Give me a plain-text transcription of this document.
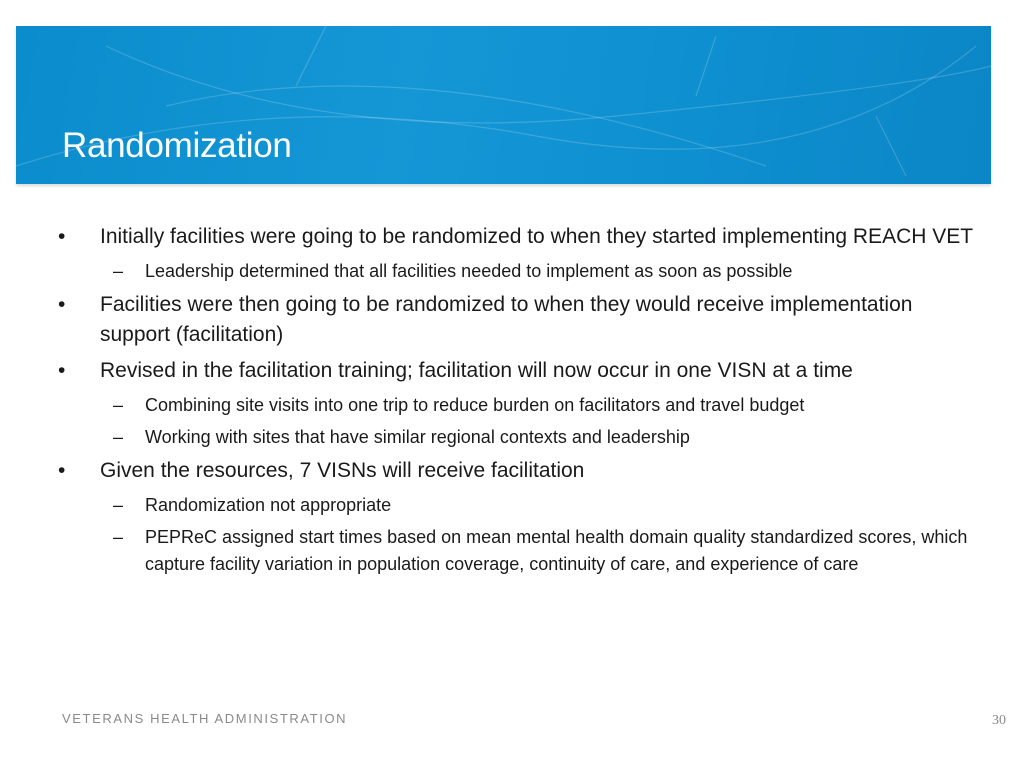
Randomization
• Initially facilities were going to be randomized to when they started implementing REACH VET
– Leadership determined that all facilities needed to implement as soon as possible
• Facilities were then going to be randomized to when they would receive implementation support (facilitation)
• Revised in the facilitation training; facilitation will now occur in one VISN at a time
– Combining site visits into one trip to reduce burden on facilitators and travel budget
– Working with sites that have similar regional contexts and leadership
• Given the resources, 7 VISNs will receive facilitation
– Randomization not appropriate
– PEPReC assigned start times based on mean mental health domain quality standardized scores, which capture facility variation in population coverage, continuity of care, and experience of care
VETERANS HEALTH ADMINISTRATION	30
